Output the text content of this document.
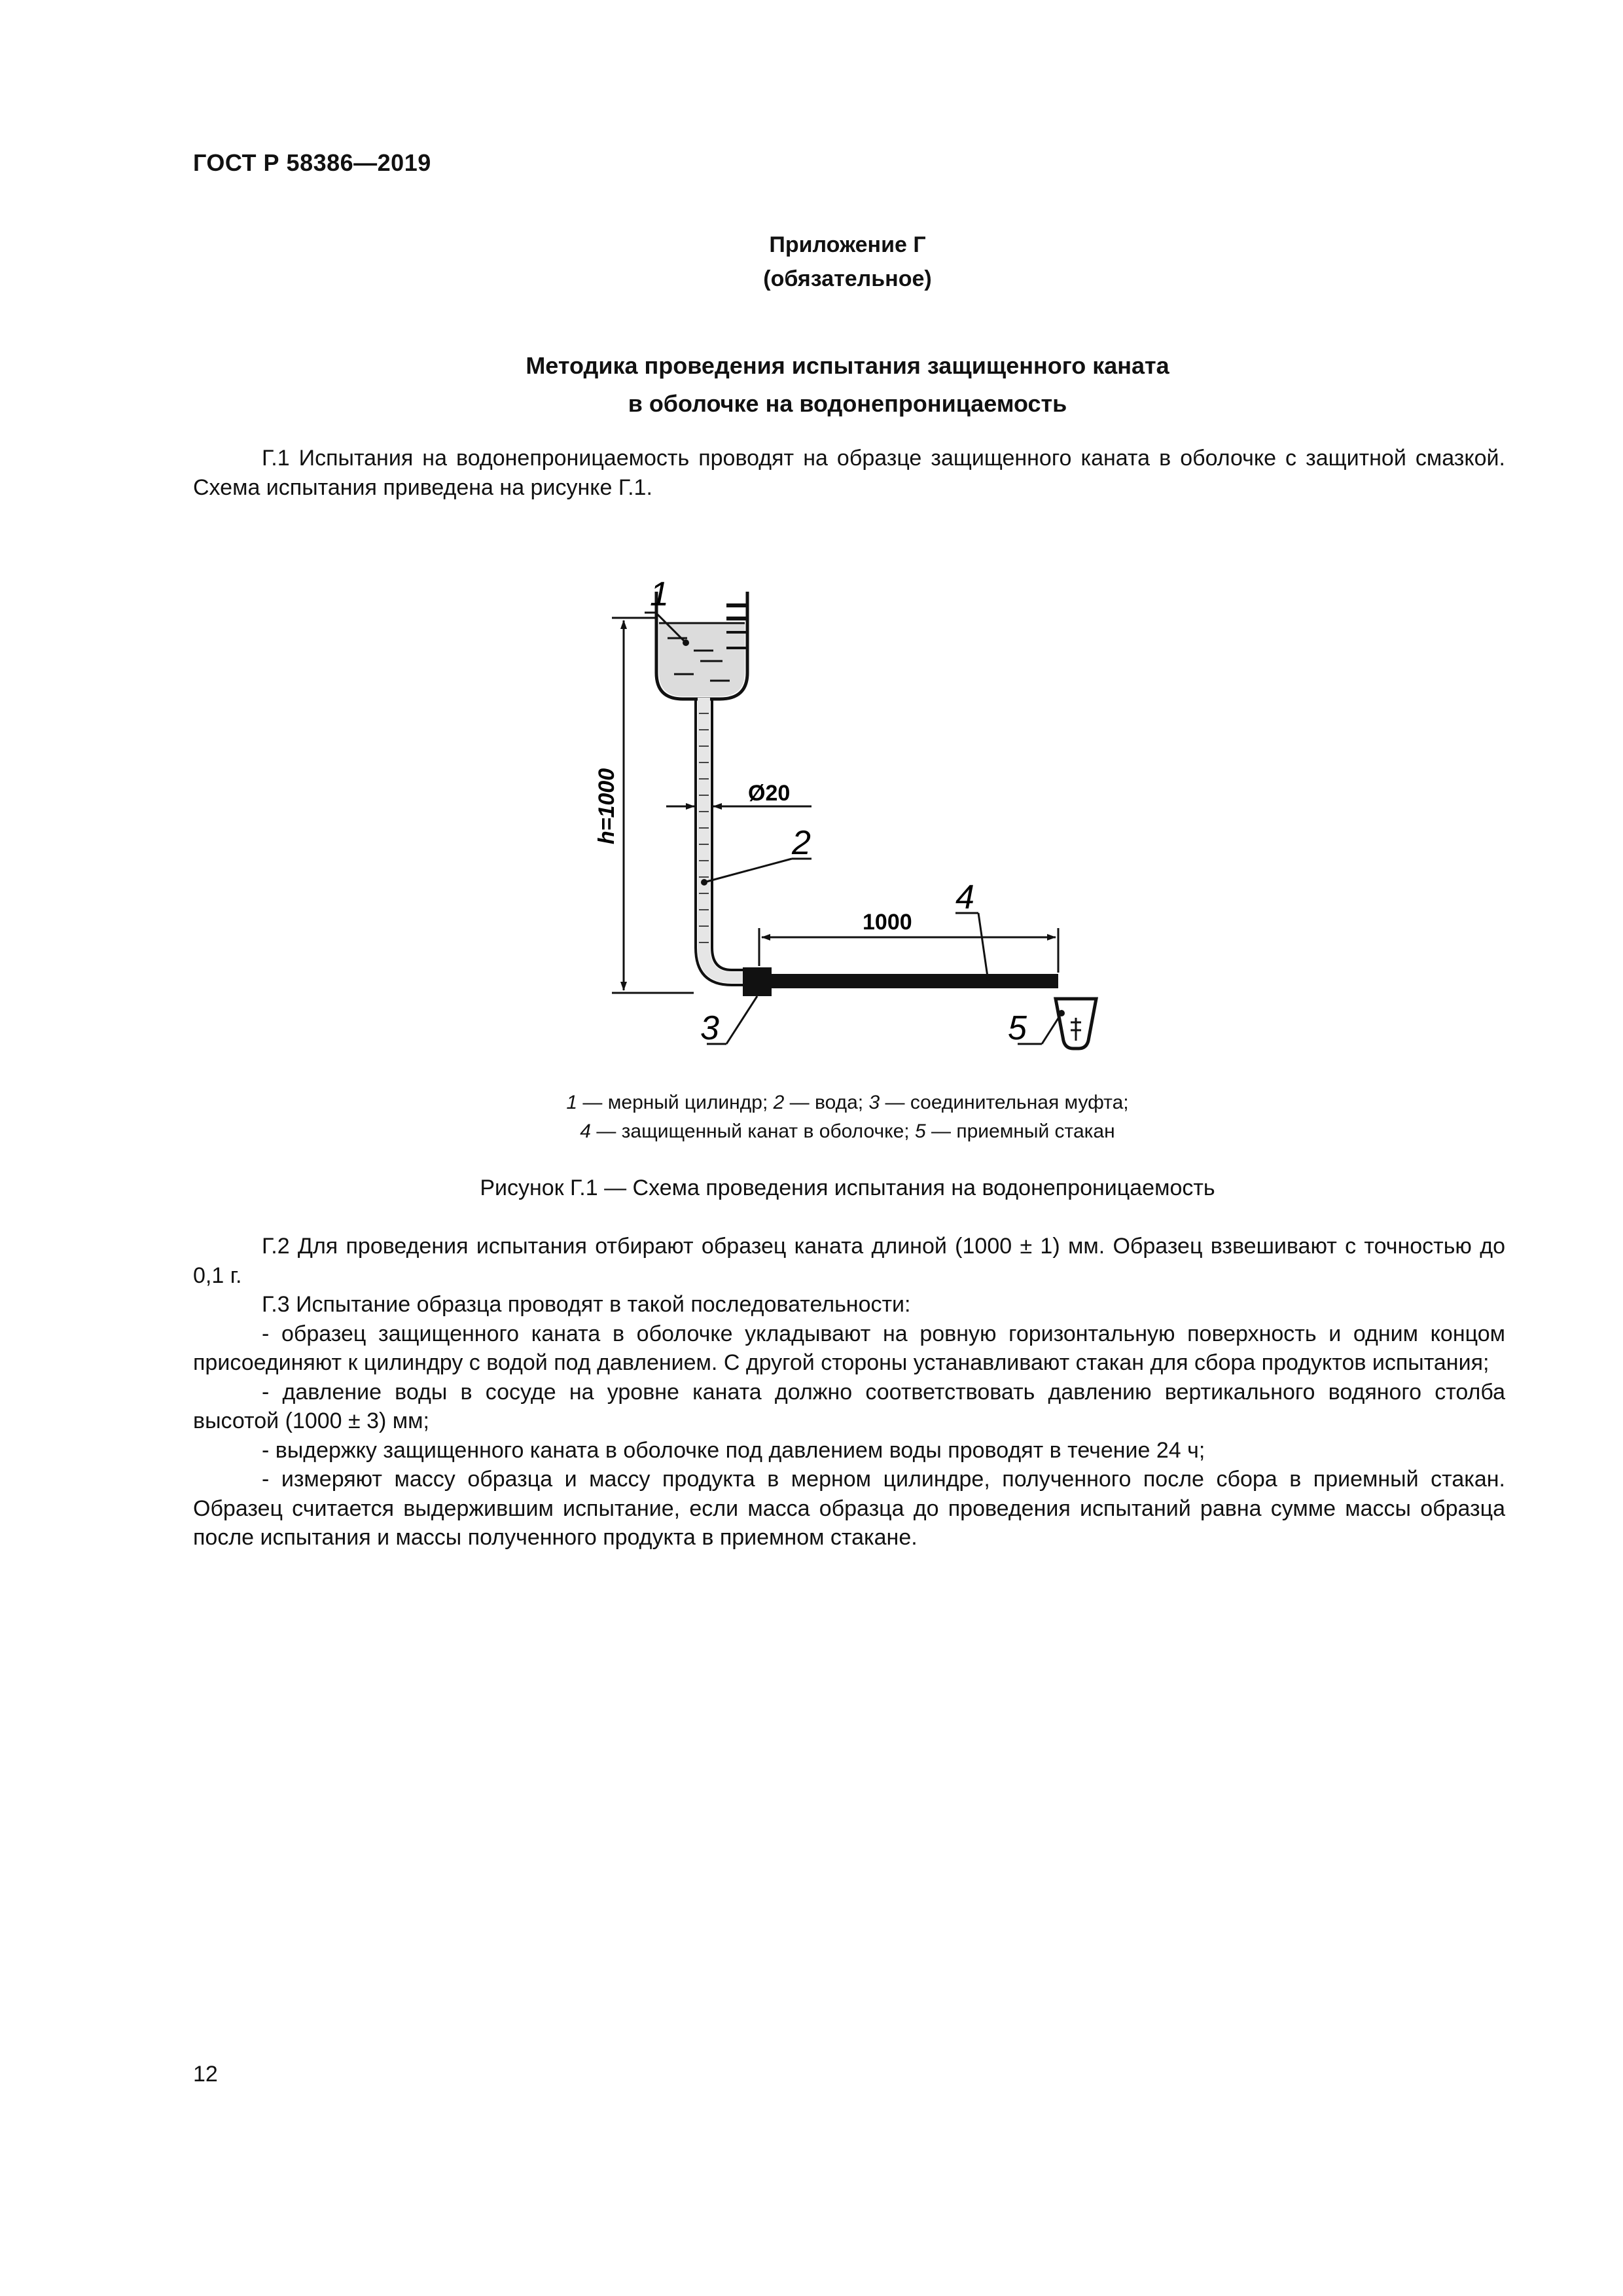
ГОСТ Р 58386—2019
Приложение Г
(обязательное)
Методика проведения испытания защищенного каната
в оболочке на водонепроницаемость

Г.1 Испытания на водонепроницаемость проводят на образце защищенного каната в оболочке с защитной смазкой. Схема испытания приведена на рисунке Г.1.

1
2
3
4
5
Ø20
1000
h=1000
1 — мерный цилиндр; 2 — вода; 3 — соединительная муфта;
4 — защищенный канат в оболочке; 5 — приемный стакан
Рисунок Г.1 — Схема проведения испытания на водонепроницаемость

Г.2 Для проведения испытания отбирают образец каната длиной (1000 ± 1) мм. Образец взвешивают с точностью до 0,1 г.

Г.3 Испытание образца проводят в такой последовательности:

- образец защищенного каната в оболочке укладывают на ровную горизонтальную поверхность и одним концом присоединяют к цилиндру с водой под давлением. С другой стороны устанавливают стакан для сбора продуктов испытания;

- давление воды в сосуде на уровне каната должно соответствовать давлению вертикального водяного столба высотой (1000 ± 3) мм;

- выдержку защищенного каната в оболочке под давлением воды проводят в течение 24 ч;

- измеряют массу образца и массу продукта в мерном цилиндре, полученного после сбора в приемный стакан. Образец считается выдержившим испытание, если масса образца до проведения испытаний равна сумме массы образца после испытания и массы полученного продукта в приемном стакане.

12
